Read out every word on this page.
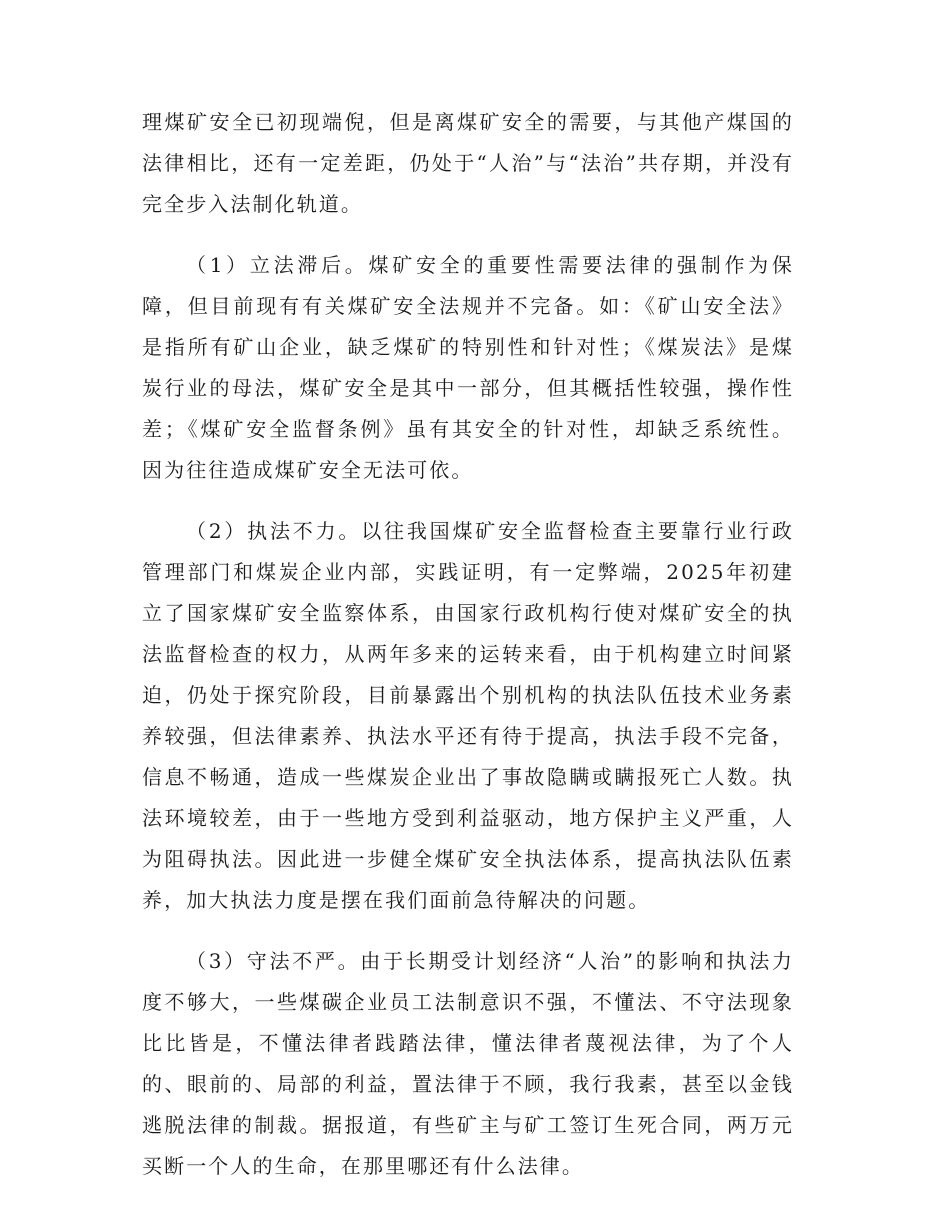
理煤矿安全已初现端倪，但是离煤矿安全的需要，与其他产煤国的法律相比，还有一定差距，仍处于“人治”与“法治”共存期，并没有完全步入法制化轨道。

（1）立法滞后。煤矿安全的重要性需要法律的强制作为保障，但目前现有有关煤矿安全法规并不完备。如：《矿山安全法》是指所有矿山企业，缺乏煤矿的特别性和针对性；《煤炭法》是煤炭行业的母法，煤矿安全是其中一部分，但其概括性较强，操作性差；《煤矿安全监督条例》虽有其安全的针对性，却缺乏系统性。因为往往造成煤矿安全无法可依。

（2）执法不力。以往我国煤矿安全监督检查主要靠行业行政管理部门和煤炭企业内部，实践证明，有一定弊端，2025年初建立了国家煤矿安全监察体系，由国家行政机构行使对煤矿安全的执法监督检查的权力，从两年多来的运转来看，由于机构建立时间紧迫，仍处于探究阶段，目前暴露出个别机构的执法队伍技术业务素养较强，但法律素养、执法水平还有待于提高，执法手段不完备，信息不畅通，造成一些煤炭企业出了事故隐瞒或瞒报死亡人数。执法环境较差，由于一些地方受到利益驱动，地方保护主义严重，人为阻碍执法。因此进一步健全煤矿安全执法体系，提高执法队伍素养，加大执法力度是摆在我们面前急待解决的问题。

（3）守法不严。由于长期受计划经济“人治”的影响和执法力度不够大，一些煤碳企业员工法制意识不强，不懂法、不守法现象比比皆是，不懂法律者践踏法律，懂法律者蔑视法律，为了个人的、眼前的、局部的利益，置法律于不顾，我行我素，甚至以金钱逃脱法律的制裁。据报道，有些矿主与矿工签订生死合同，两万元买断一个人的生命，在那里哪还有什么法律。
